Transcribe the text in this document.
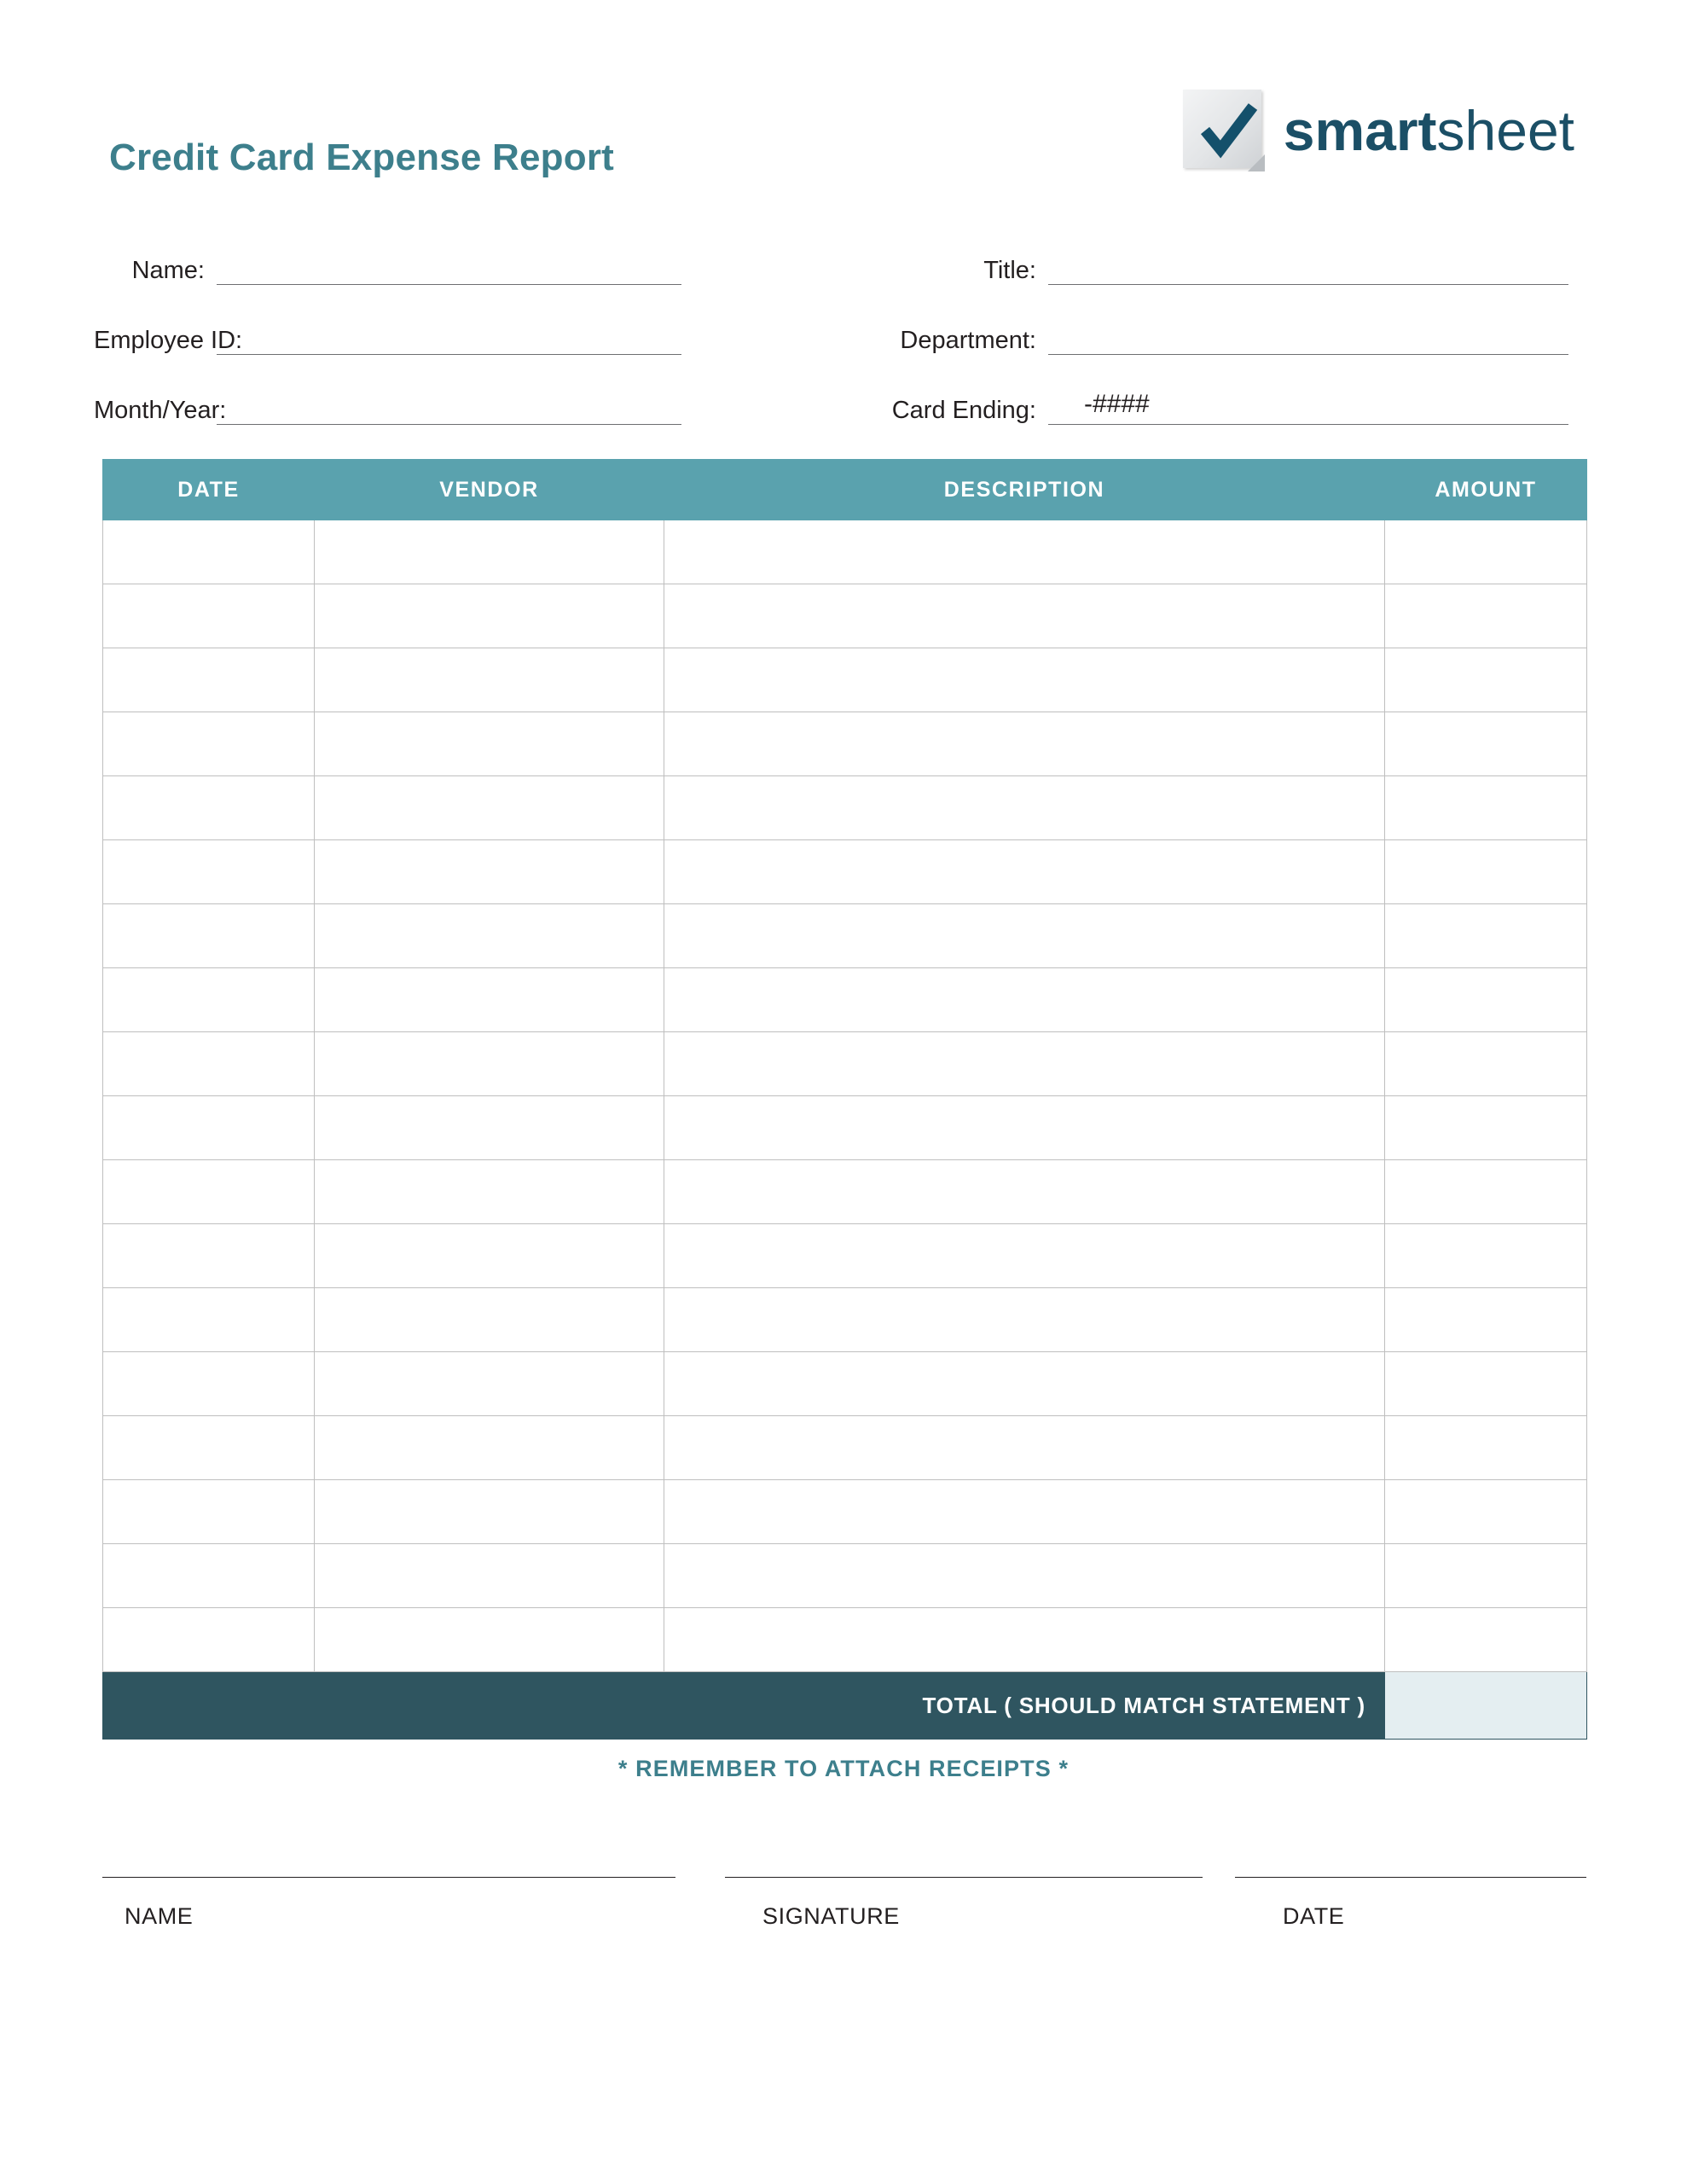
Credit Card Expense Report	smartsheet
Name:
Employee ID:
Month/Year:
Title:
Department:
Card Ending: -####
DATE	VENDOR	DESCRIPTION	AMOUNT

TOTAL ( SHOULD MATCH STATEMENT )			
* REMEMBER TO ATTACH RECEIPTS *
NAME	SIGNATURE	DATE
